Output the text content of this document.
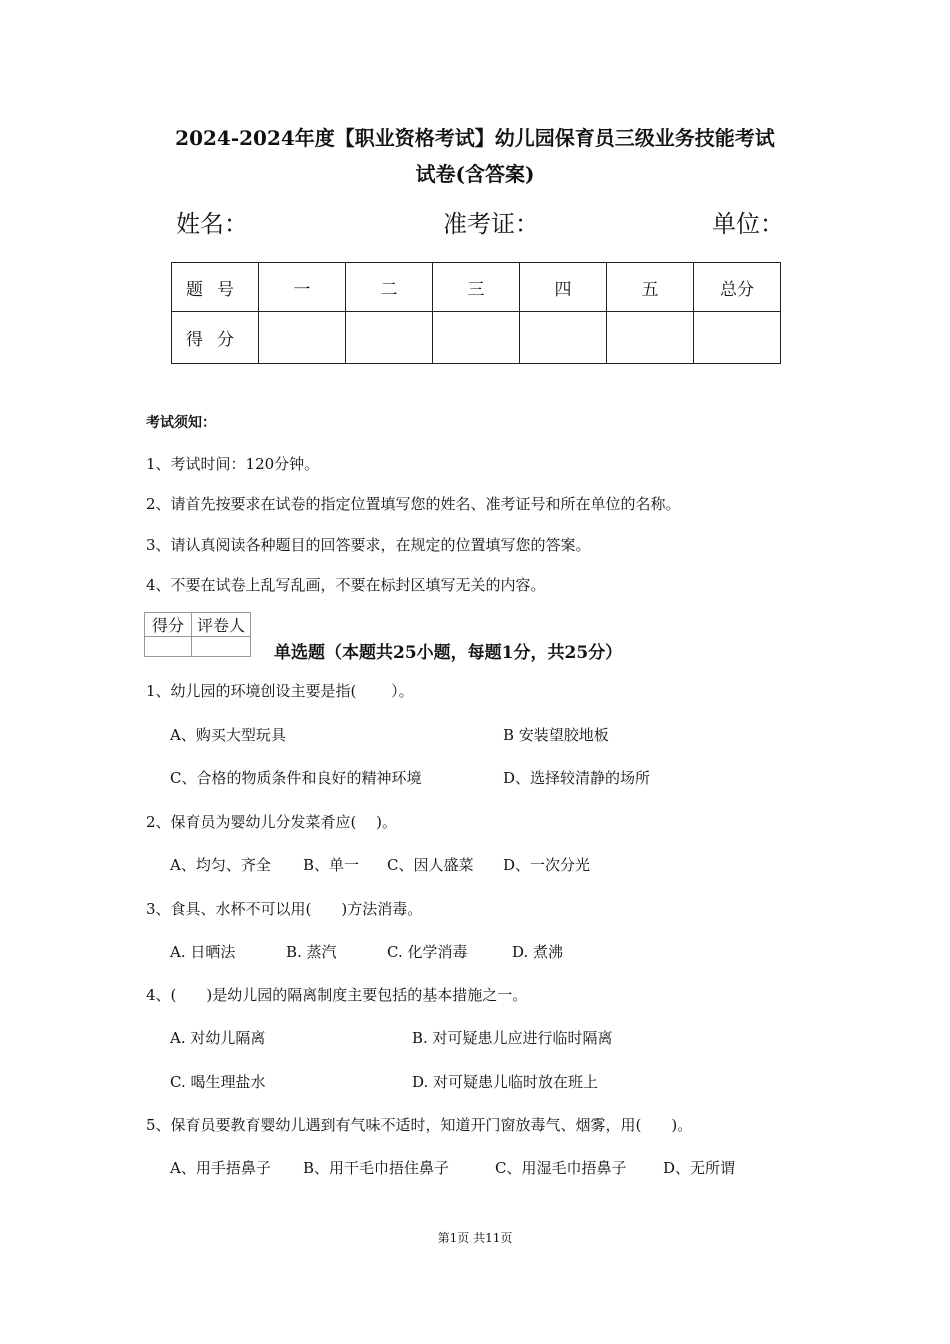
2024-2024年度【职业资格考试】幼儿园保育员三级业务技能考试
试卷(含答案)
姓名：	准考证：	单位：
题号	一	二	三	四	五	总分
得分						
考试须知：
1、考试时间：120分钟。
2、请首先按要求在试卷的指定位置填写您的姓名、准考证号和所在单位的名称。
3、请认真阅读各种题目的回答要求，在规定的位置填写您的答案。
4、不要在试卷上乱写乱画，不要在标封区填写无关的内容。
得分	评卷人

单选题（本题共25小题，每题1分，共25分）
1、幼儿园的环境创设主要是指(　　 ）。
A、购买大型玩具	B 安装望胶地板
C、合格的物质条件和良好的精神环境	D、选择较清静的场所
2、保育员为婴幼儿分发菜肴应(　 )。
A、均匀、齐全 B、单一 C、因人盛菜 D、一次分光
3、食具、水杯不可以用(　　)方法消毒。
A. 日晒法	B. 蒸汽	C. 化学消毒	D. 煮沸
4、(　　)是幼儿园的隔离制度主要包括的基本措施之一。
A. 对幼儿隔离	B. 对可疑患儿应进行临时隔离
C. 喝生理盐水	D. 对可疑患儿临时放在班上
5、保育员要教育婴幼儿遇到有气味不适时，知道开门窗放毒气、烟雾，用(　　)。
A、用手捂鼻子 B、用干毛巾捂住鼻子	C、用湿毛巾捂鼻子 D、无所谓
第1页 共11页
